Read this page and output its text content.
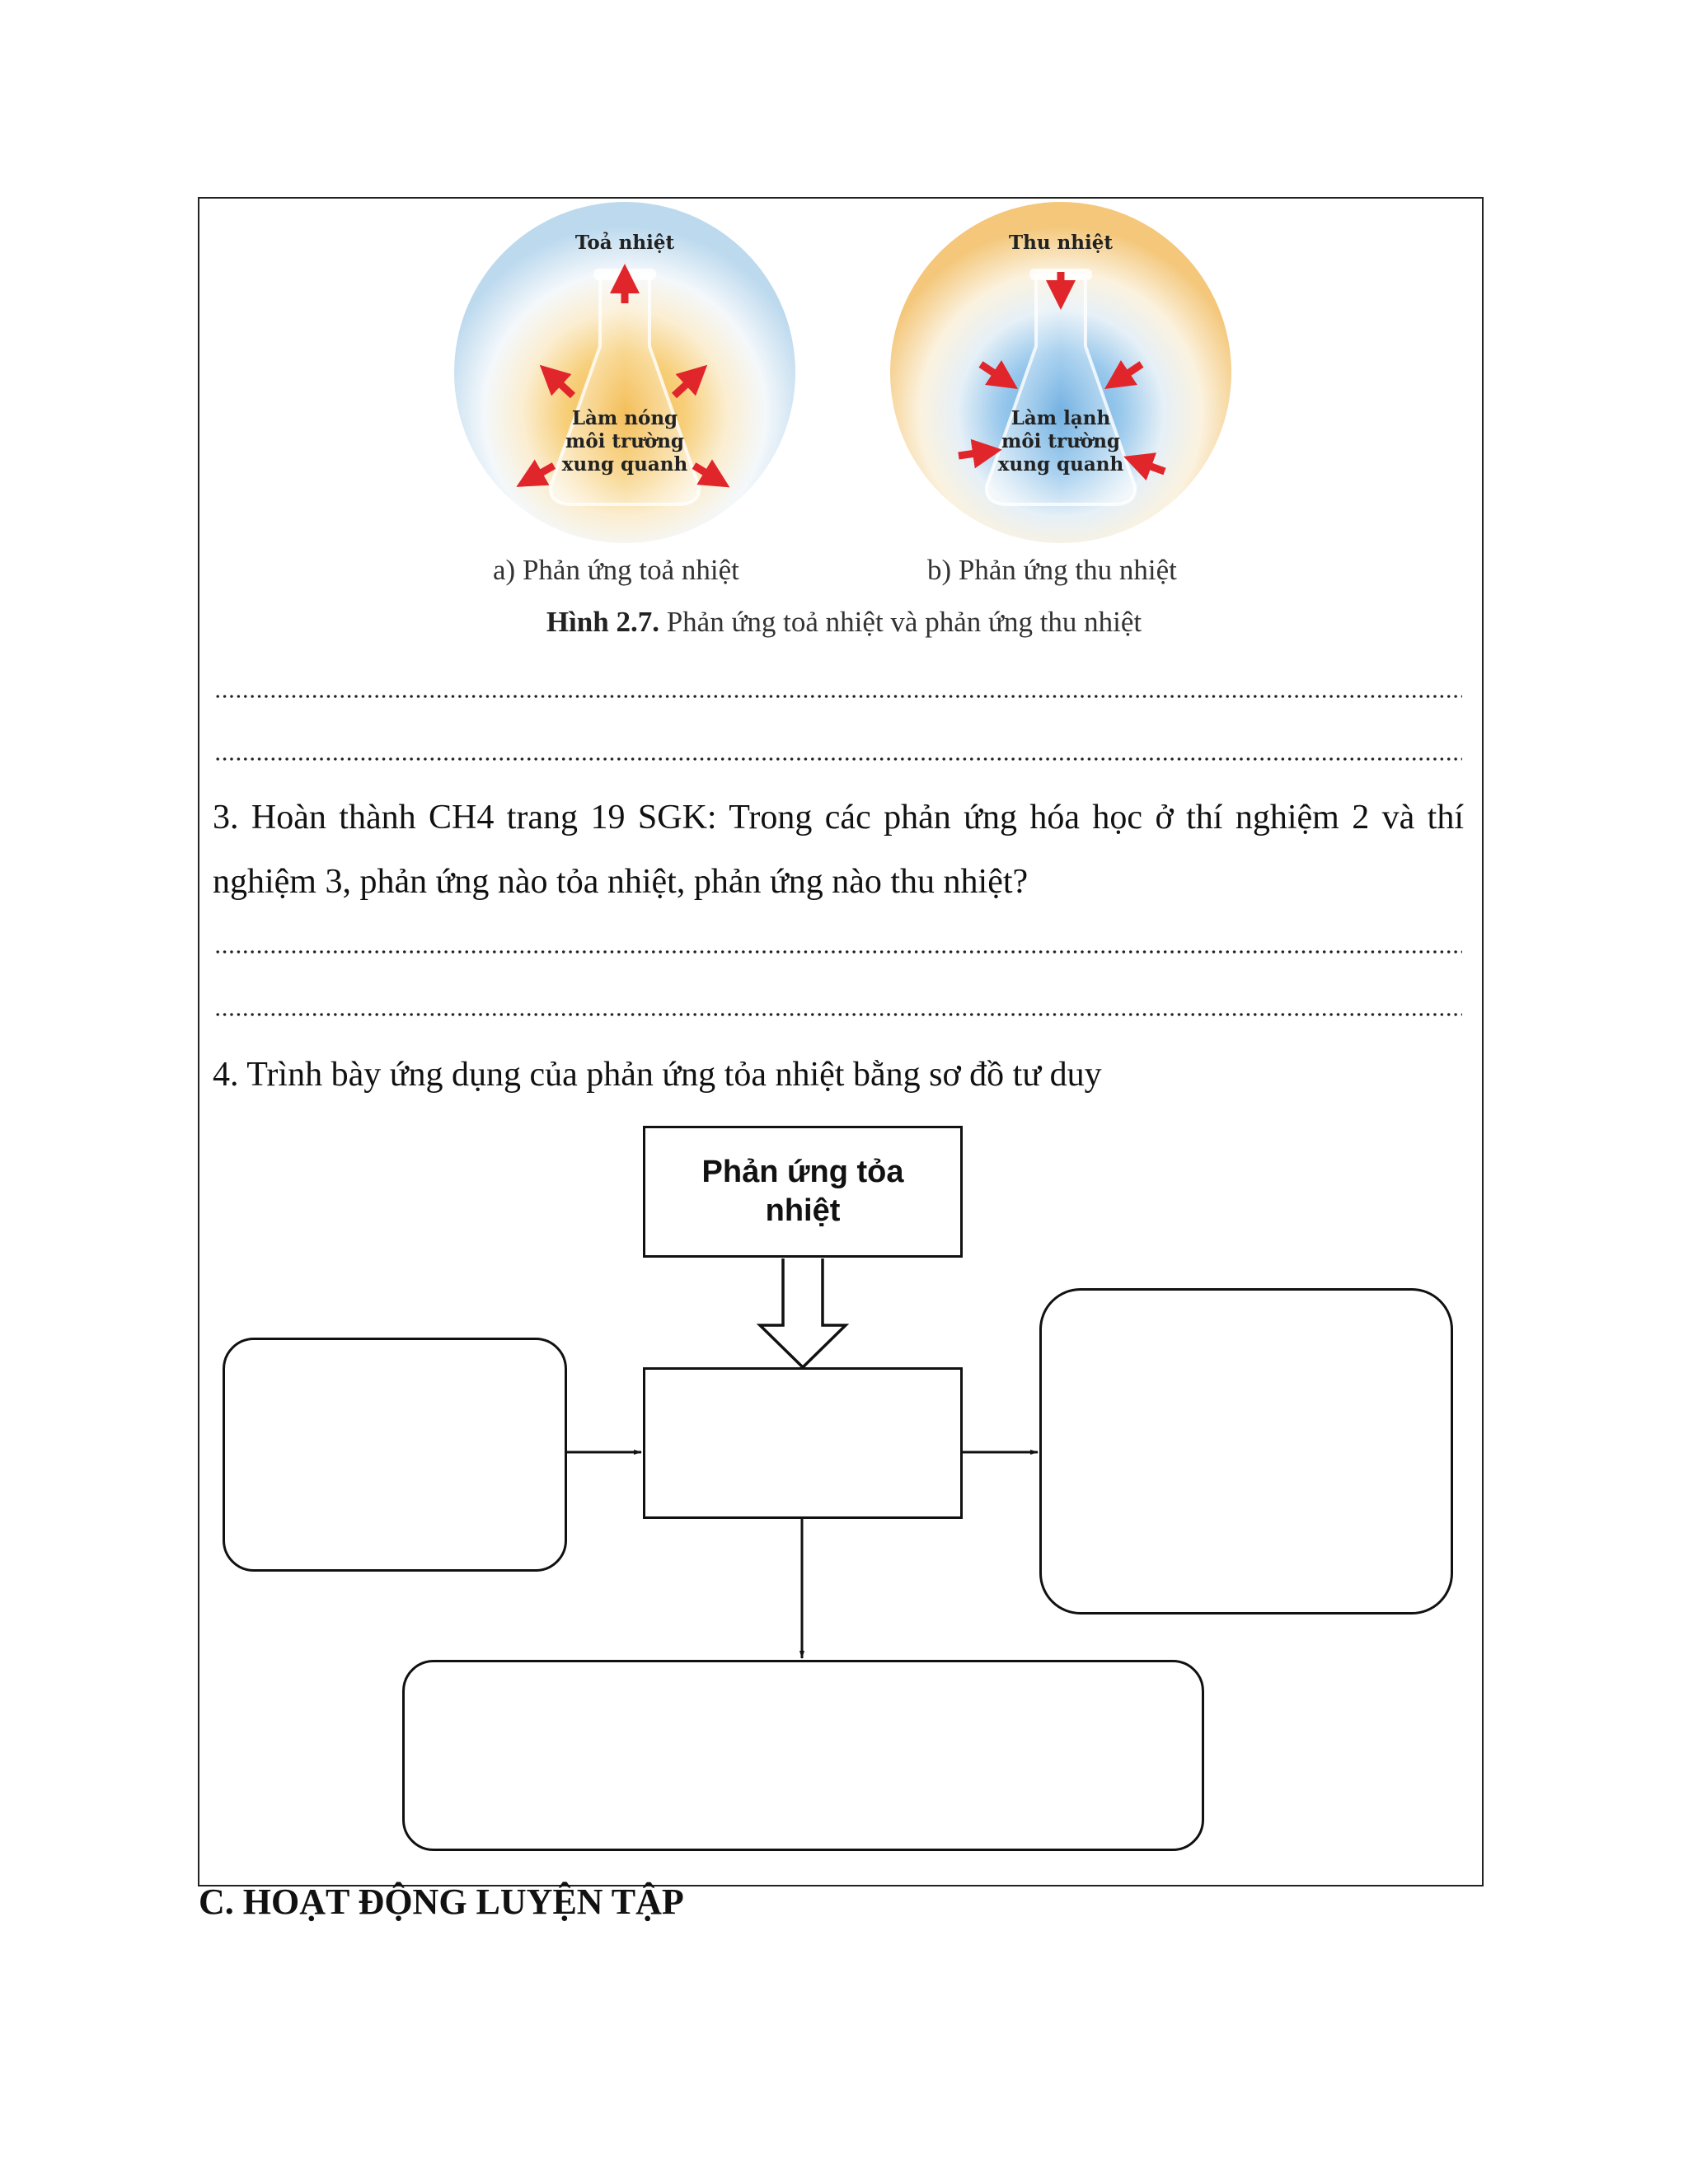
Toả nhiệt
Làm nóng
môi trường
xung quanh
Thu nhiệt
Làm lạnh
môi trường
xung quanh
a) Phản ứng toả nhiệt	b) Phản ứng thu nhiệt
Hình 2.7. Phản ứng toả nhiệt và phản ứng thu nhiệt
3. Hoàn thành CH4 trang 19 SGK: Trong các phản ứng hóa học ở thí nghiệm 2 và thí nghiệm 3, phản ứng nào tỏa nhiệt, phản ứng nào thu nhiệt?
4. Trình bày ứng dụng của phản ứng tỏa nhiệt bằng sơ đồ tư duy
Phản ứng tỏa nhiệt
C. HOẠT ĐỘNG LUYỆN TẬP
